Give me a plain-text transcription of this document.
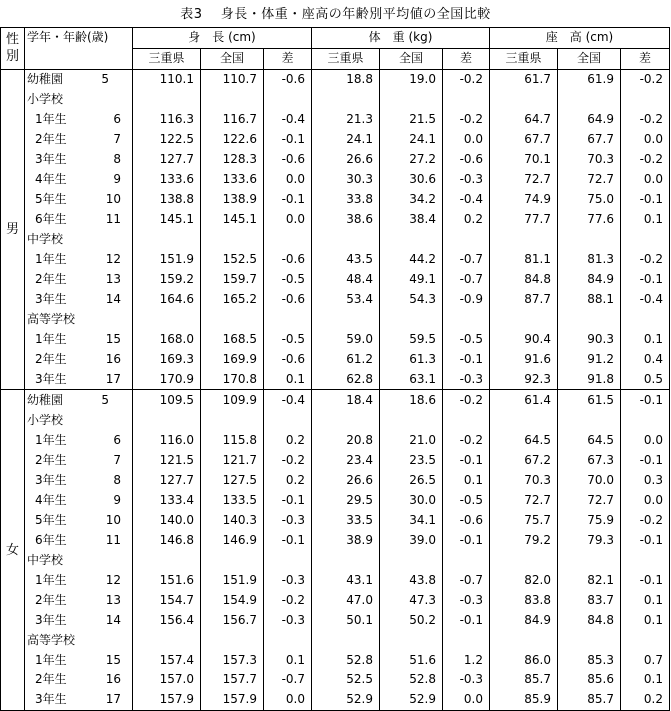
表3　 身長・体重・座高の年齢別平均値の全国比較
性別	学年・年齢(歳)	身　長 (cm)			体　重 (kg)			座　高 (cm)		
		三重県	全国	差	三重県	全国	差	三重県	全国	差
男	幼稚園 5	110.1	110.7	-0.6	18.8	19.0	-0.2	61.7	61.9	-0.2
	小学校									
	1年生 6	116.3	116.7	-0.4	21.3	21.5	-0.2	64.7	64.9	-0.2
	2年生 7	122.5	122.6	-0.1	24.1	24.1	0.0	67.7	67.7	0.0
	3年生 8	127.7	128.3	-0.6	26.6	27.2	-0.6	70.1	70.3	-0.2
	4年生 9	133.6	133.6	0.0	30.3	30.6	-0.3	72.7	72.7	0.0
	5年生 10	138.8	138.9	-0.1	33.8	34.2	-0.4	74.9	75.0	-0.1
	6年生 11	145.1	145.1	0.0	38.6	38.4	0.2	77.7	77.6	0.1
	中学校									
	1年生 12	151.9	152.5	-0.6	43.5	44.2	-0.7	81.1	81.3	-0.2
	2年生 13	159.2	159.7	-0.5	48.4	49.1	-0.7	84.8	84.9	-0.1
	3年生 14	164.6	165.2	-0.6	53.4	54.3	-0.9	87.7	88.1	-0.4
	高等学校									
	1年生 15	168.0	168.5	-0.5	59.0	59.5	-0.5	90.4	90.3	0.1
	2年生 16	169.3	169.9	-0.6	61.2	61.3	-0.1	91.6	91.2	0.4
	3年生 17	170.9	170.8	0.1	62.8	63.1	-0.3	92.3	91.8	0.5
女	幼稚園 5	109.5	109.9	-0.4	18.4	18.6	-0.2	61.4	61.5	-0.1
	小学校									
	1年生 6	116.0	115.8	0.2	20.8	21.0	-0.2	64.5	64.5	0.0
	2年生 7	121.5	121.7	-0.2	23.4	23.5	-0.1	67.2	67.3	-0.1
	3年生 8	127.7	127.5	0.2	26.6	26.5	0.1	70.3	70.0	0.3
	4年生 9	133.4	133.5	-0.1	29.5	30.0	-0.5	72.7	72.7	0.0
	5年生 10	140.0	140.3	-0.3	33.5	34.1	-0.6	75.7	75.9	-0.2
	6年生 11	146.8	146.9	-0.1	38.9	39.0	-0.1	79.2	79.3	-0.1
	中学校									
	1年生 12	151.6	151.9	-0.3	43.1	43.8	-0.7	82.0	82.1	-0.1
	2年生 13	154.7	154.9	-0.2	47.0	47.3	-0.3	83.8	83.7	0.1
	3年生 14	156.4	156.7	-0.3	50.1	50.2	-0.1	84.9	84.8	0.1
	高等学校									
	1年生 15	157.4	157.3	0.1	52.8	51.6	1.2	86.0	85.3	0.7
	2年生 16	157.0	157.7	-0.7	52.5	52.8	-0.3	85.7	85.6	0.1
	3年生 17	157.9	157.9	0.0	52.9	52.9	0.0	85.9	85.7	0.2
